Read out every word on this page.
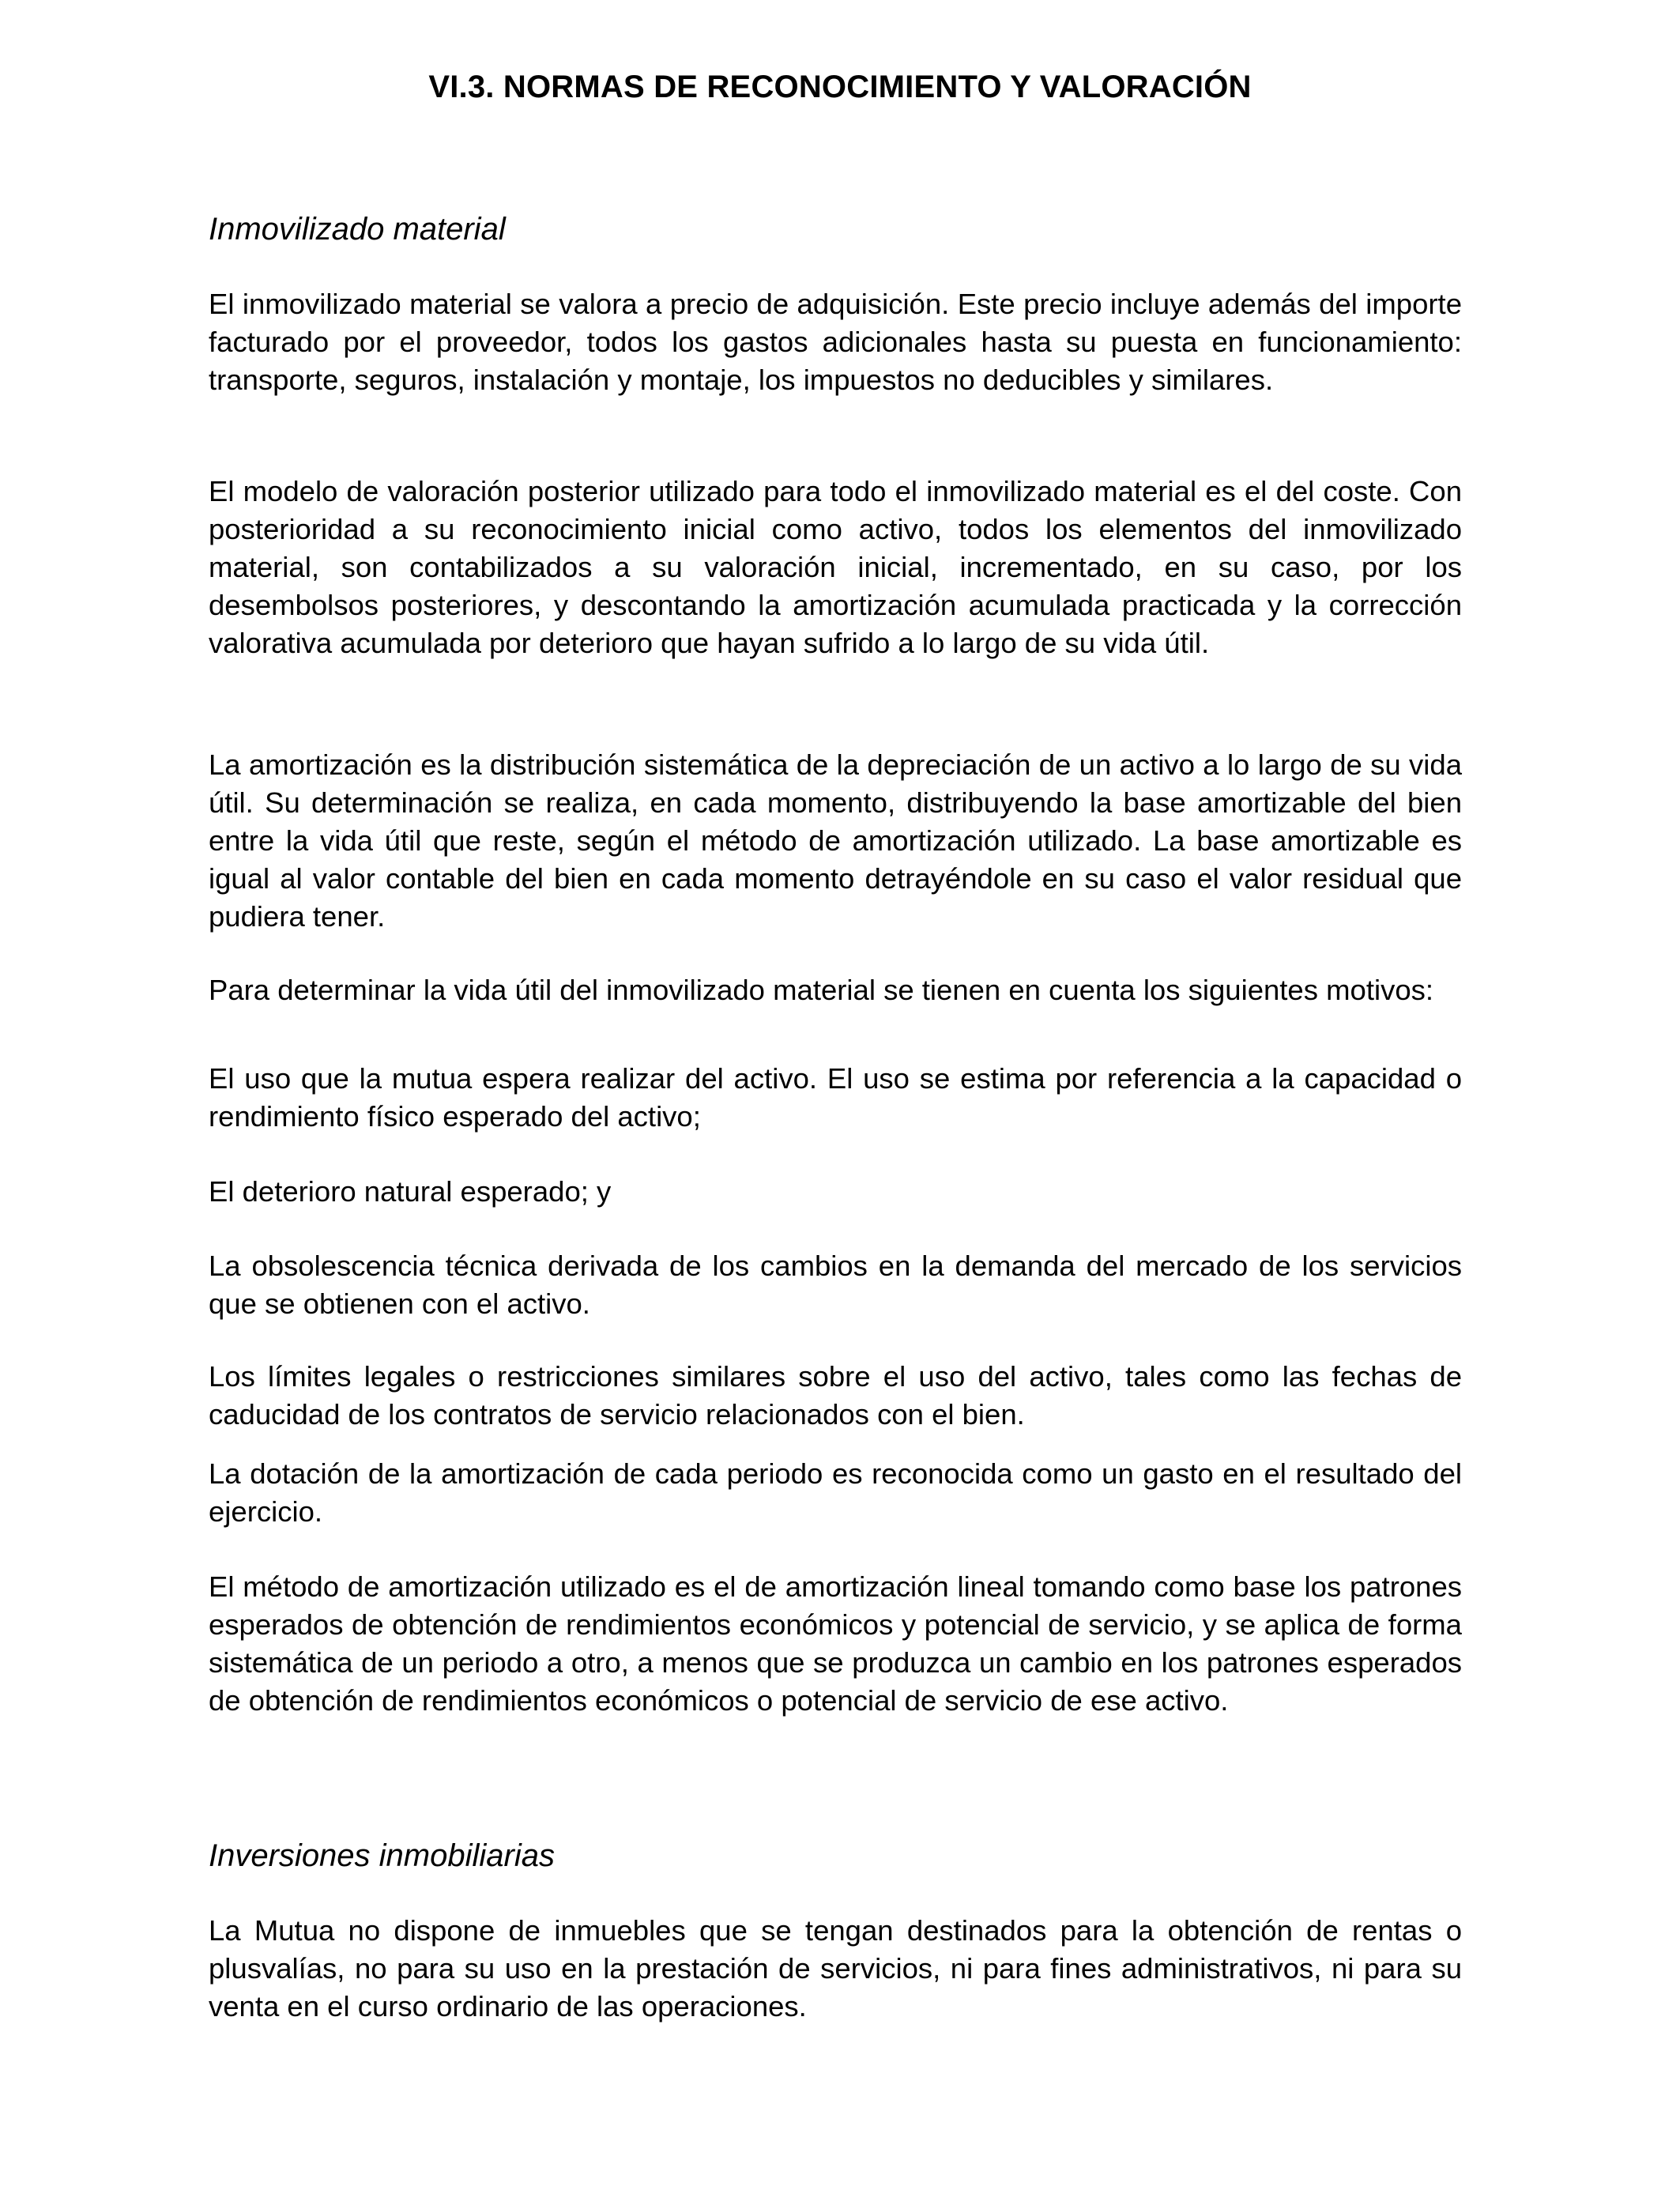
VI.3. NORMAS DE RECONOCIMIENTO Y VALORACIÓN
Inmovilizado material

El inmovilizado material se valora a precio de adquisición. Este precio incluye además del importe facturado por el proveedor, todos los gastos adicionales hasta su puesta en funcionamiento: transporte, seguros, instalación y montaje, los impuestos no deducibles y similares.

El modelo de valoración posterior utilizado para todo el inmovilizado material es el del coste. Con posterioridad a su reconocimiento inicial como activo, todos los elementos del inmovilizado material, son contabilizados a su valoración inicial, incrementado, en su caso, por los desembolsos posteriores, y descontando la amortización acumulada practicada y la corrección valorativa acumulada por deterioro que hayan sufrido a lo largo de su vida útil.

La amortización es la distribución sistemática de la depreciación de un activo a lo largo de su vida útil. Su determinación se realiza, en cada momento, distribuyendo la base amortizable del bien entre la vida útil que reste, según el método de amortización utilizado. La base amortizable es igual al valor contable del bien en cada momento detrayéndole en su caso el valor residual que pudiera tener.

Para determinar la vida útil del inmovilizado material se tienen en cuenta los siguientes motivos:

El uso que la mutua espera realizar del activo. El uso se estima por referencia a la capacidad o rendimiento físico esperado del activo;

El deterioro natural esperado; y

La obsolescencia técnica derivada de los cambios en la demanda del mercado de los servicios que se obtienen con el activo.

Los límites legales o restricciones similares sobre el uso del activo, tales como las fechas de caducidad de los contratos de servicio relacionados con el bien.

La dotación de la amortización de cada periodo es reconocida como un gasto en el resultado del ejercicio.

El método de amortización utilizado es el de amortización lineal tomando como base los patrones esperados de obtención de rendimientos económicos y potencial de servicio, y se aplica de forma sistemática de un periodo a otro, a menos que se produzca un cambio en los patrones esperados de obtención de rendimientos económicos o potencial de servicio de ese activo.

Inversiones inmobiliarias

La Mutua no dispone de inmuebles que se tengan destinados para la obtención de rentas o plusvalías, no para su uso en la prestación de servicios, ni para fines administrativos, ni para su venta en el curso ordinario de las operaciones.
